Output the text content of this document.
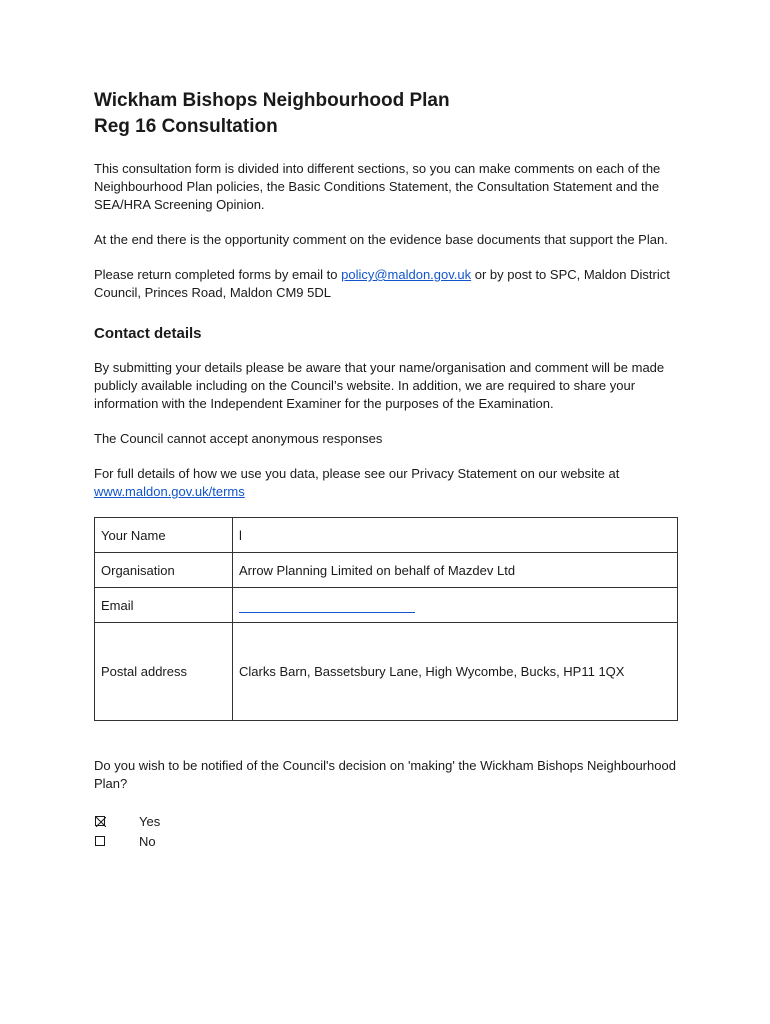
Wickham Bishops Neighbourhood Plan
Reg 16 Consultation

This consultation form is divided into different sections, so you can make comments on each of the Neighbourhood Plan policies, the Basic Conditions Statement, the Consultation Statement and the SEA/HRA Screening Opinion.

At the end there is the opportunity comment on the evidence base documents that support the Plan.

Please return completed forms by email to policy@maldon.gov.uk or by post to SPC, Maldon District Council, Princes Road, Maldon CM9 5DL

Contact details

By submitting your details please be aware that your name/organisation and comment will be made publicly available including on the Council’s website. In addition, we are required to share your information with the Independent Examiner for the purposes of the Examination.

The Council cannot accept anonymous responses

For full details of how we use you data, please see our Privacy Statement on our website at www.maldon.gov.uk/terms

Your Name	l
Organisation	Arrow Planning Limited on behalf of Mazdev Ltd
Email	
Postal address	Clarks Barn, Bassetsbury Lane, High Wycombe, Bucks, HP11 1QX

Do you wish to be notified of the Council's decision on 'making' the Wickham Bishops Neighbourhood Plan?

Yes
No
